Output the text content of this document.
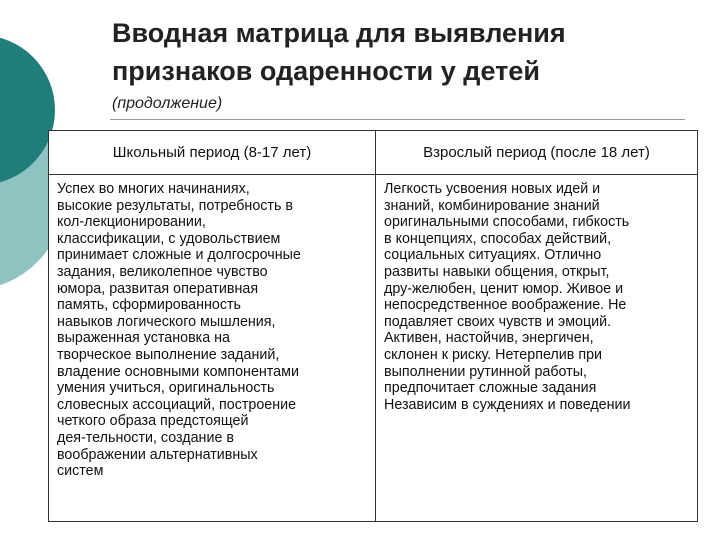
Вводная матрица для выявления признаков одаренности у детей
(продолжение)
Школьный период (8-17 лет)	Взрослый период (после 18 лет)
Успех во многих начинаниях,
высокие результаты, потребность в
кол-лекционировании,
классификации, с удовольствием
принимает сложные и долгосрочные
задания, великолепное чувство
юмора, развитая оперативная
память, сформированность
навыков логического мышления,
выраженная установка на
творческое выполнение заданий,
владение основными компонентами
умения учиться, оригинальность
словесных ассоциаций, построение
четкого образа предстоящей
дея-тельности, создание в
воображении альтернативных
систем
Легкость усвоения новых идей и
знаний, комбинирование знаний
оригинальными способами, гибкость
в концепциях, способах действий,
социальных ситуациях. Отлично
развиты навыки общения, открыт,
дру-желюбен, ценит юмор. Живое и
непосредственное воображение. Не
подавляет своих чувств и эмоций.
Активен, настойчив, энергичен,
склонен к риску. Нетерпелив при
выполнении рутинной работы,
предпочитает сложные задания
Независим в суждениях и поведении
